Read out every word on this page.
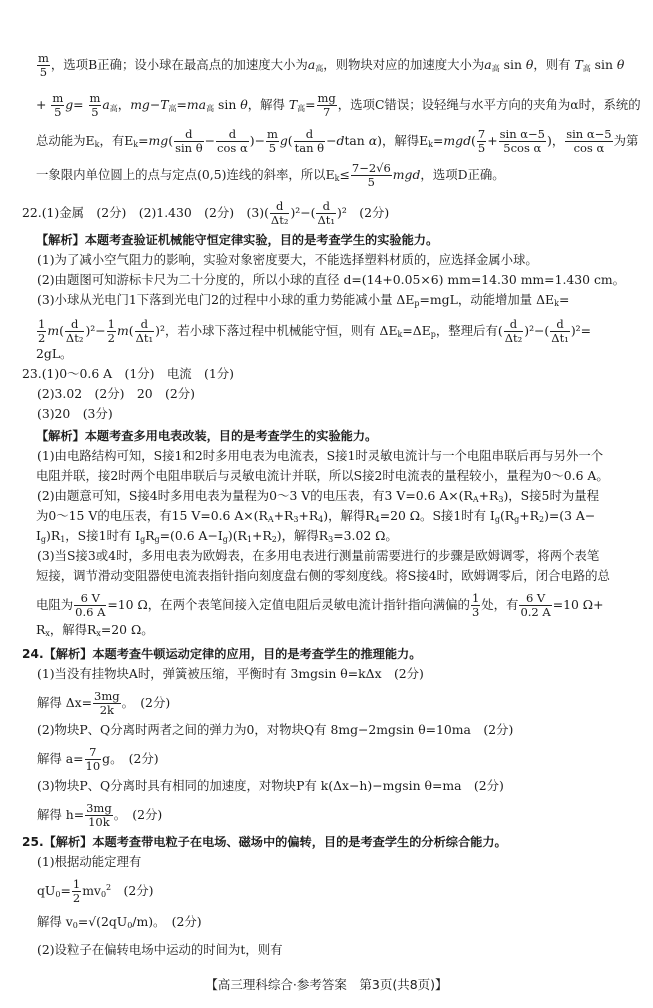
$\frac{m}{5}$ ，选项B正确；设小球在最高点的加速度大小为$a_高$，则物块对应的加速度大小为$a_高$ sin θ，则有 $T_高$ sin θ
+ $\frac{m}{5} g= \frac{m}{5} a_高$，$mg-T_高=ma_高$ sin θ，解得 $T_高= \frac{mg}{7}$ ，选项C错误；设轻绳与水平方向的夹角为α时，系统的
总动能为$E_k$，有$E_k=mg( \frac{d}{\text{sin θ}} - \frac{d}{\text{cos α}}$ )− $\frac{m}{5} g( \frac{d}{\text{tan θ}} -dtan$ α)，解得$E_k=mgd( \frac{7}{5} + \frac{\text{sin α−5}}{\text{5cos α}}$ )， $\frac{\text{sin α−5}}{\text{cos α}}$ 为第
一象限内单位圆上的点与定点(0,5)连线的斜率，所以$E_k\le \frac{7-2√6}{5}$ mgd，选项D正确。
22.(1)金属　(2分)　(2)1.430　(2分)　$(3)( \frac{d}{\text{Δt₂}} )^2-( \frac{d}{\text{Δt₁}} )^2$　(2分)
【解析】本题考查验证机械能守恒定律实验，目的是考查学生的实验能力。
(1)为了减小空气阻力的影响，实验对象密度要大，不能选择塑料材质的，应选择金属小球。
(2)由题图可知游标卡尺为二十分度的，所以小球的直径 d=(14+0.05×6) mm=14.30 mm=1.430 cm。
(3)小球从光电门1下落到光电门2的过程中小球的重力势能减小量 $\Delta E_p=mgL$，动能增加量 $\Delta E_k=$
$\frac{1}{2} m( \frac{d}{\text{Δt₂}} )^2- \frac{1}{2} m( \frac{d}{\text{Δt₁}} )^2$，若小球下落过程中机械能守恒，则有 $\Delta E_k=\Delta E_p$，整理后有( $\frac{d}{\text{Δt₂}} )^2-( \frac{d}{\text{Δt₁}} )^2=$
2gL。
23.(1)0～0.6 A　(1分)　电流　(1分)
(2)3.02　(2分)　20　(2分)
(3)20　(3分)
【解析】本题考查多用电表改装，目的是考查学生的实验能力。
(1)由电路结构可知，S接1和2时多用电表为电流表，S接1时灵敏电流计与一个电阻串联后再与另外一个
电阻并联，接2时两个电阻串联后与灵敏电流计并联，所以S接2时电流表的量程较小，量程为0～0.6 A。
(2)由题意可知，S接4时多用电表为量程为0～3 V的电压表，有3 V=0.6 $A\times(R_A+R_3)$，S接5时为量程
为0～15 V的电压表，有15 V=0.6 $A\times(R_A+R_3+R_4)$，解得$R_4=20$ Ω。S接1时有 $I_g(R_g+R_2)=(3$ A−
$I_g)R_1$，S接1时有 $I_gR_g=(0.6$ $A-I_g)(R_1+R_2)$，解得$R_3=3.02$ Ω。
(3)当S接3或4时，多用电表为欧姆表，在多用电表进行测量前需要进行的步骤是欧姆调零，将两个表笔
短接，调节滑动变阻器使电流表指针指向刻度盘右侧的零刻度线。将S接4时，欧姆调零后，闭合电路的总
电阻为 $\frac{6 V}{0.6 A} =10$ Ω，在两个表笔间接入定值电阻后灵敏电流计指针指向满偏的 $\frac{1}{3}$ 处，有 $\frac{6 V}{0.2 A} =10$ Ω+
$R_x$，解得$R_x=20$ Ω。
24.【解析】本题考查牛顿运动定律的应用，目的是考查学生的推理能力。
(1)当没有挂物块A时，弹簧被压缩，平衡时有 3mgsin θ=kΔx　(2分)
解得 $\Delta x= \frac{3mg}{2k}$ 。　(2分)
(2)物块P、Q分离时两者之间的弹力为0，对物块Q有 8mg−2mgsin θ=10ma　(2分)
解得 $a= \frac{7}{10}$ g。　(2分)
(3)物块P、Q分离时具有相同的加速度，对物块P有 k(Δx−h)−mgsin θ=ma　(2分)
解得 $h= \frac{3mg}{10k}$ 。　(2分)
25.【解析】本题考查带电粒子在电场、磁场中的偏转，目的是考查学生的分析综合能力。
(1)根据动能定理有
$qU_0= \frac{1}{2} mv_0^2$　(2分)
解得 $v_0=√(2qU_0/m)$。　(2分)
(2)设粒子在偏转电场中运动的时间为t，则有
【高三理科综合·参考答案　第3页(共8页)】
